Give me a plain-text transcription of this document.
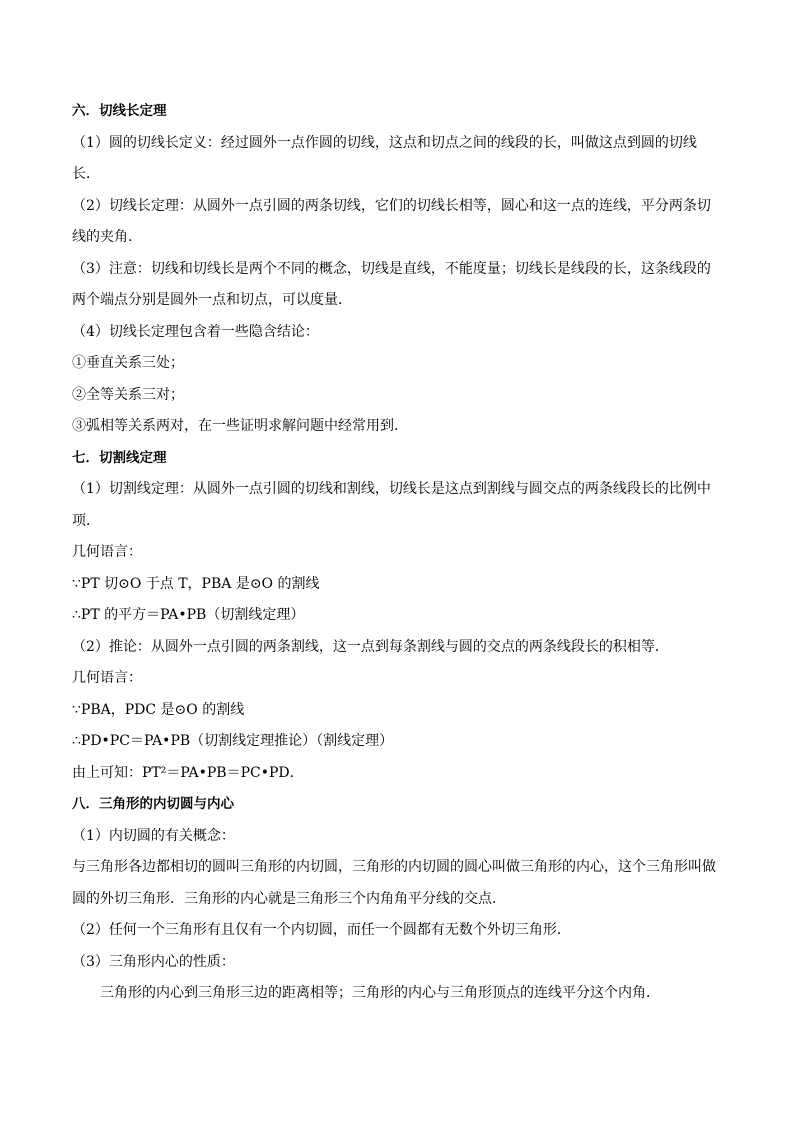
六．切线长定理
（1）圆的切线长定义：经过圆外一点作圆的切线，这点和切点之间的线段的长，叫做这点到圆的切线长．
（2）切线长定理：从圆外一点引圆的两条切线，它们的切线长相等，圆心和这一点的连线，平分两条切线的夹角．
（3）注意：切线和切线长是两个不同的概念，切线是直线，不能度量；切线长是线段的长，这条线段的两个端点分别是圆外一点和切点，可以度量．
（4）切线长定理包含着一些隐含结论：
①垂直关系三处；
②全等关系三对；
③弧相等关系两对，在一些证明求解问题中经常用到．
七．切割线定理
（1）切割线定理：从圆外一点引圆的切线和割线，切线长是这点到割线与圆交点的两条线段长的比例中项．
几何语言：
∵PT 切⊙O 于点 T，PBA 是⊙O 的割线
∴PT 的平方＝PA•PB（切割线定理）
（2）推论：从圆外一点引圆的两条割线，这一点到每条割线与圆的交点的两条线段长的积相等．
几何语言：
∵PBA，PDC 是⊙O 的割线
∴PD•PC＝PA•PB（切割线定理推论）（割线定理）
由上可知：PT²＝PA•PB＝PC•PD．
八．三角形的内切圆与内心
（1）内切圆的有关概念：
与三角形各边都相切的圆叫三角形的内切圆，三角形的内切圆的圆心叫做三角形的内心，这个三角形叫做圆的外切三角形．三角形的内心就是三角形三个内角角平分线的交点．
（2）任何一个三角形有且仅有一个内切圆，而任一个圆都有无数个外切三角形．
（3）三角形内心的性质：
三角形的内心到三角形三边的距离相等；三角形的内心与三角形顶点的连线平分这个内角．
